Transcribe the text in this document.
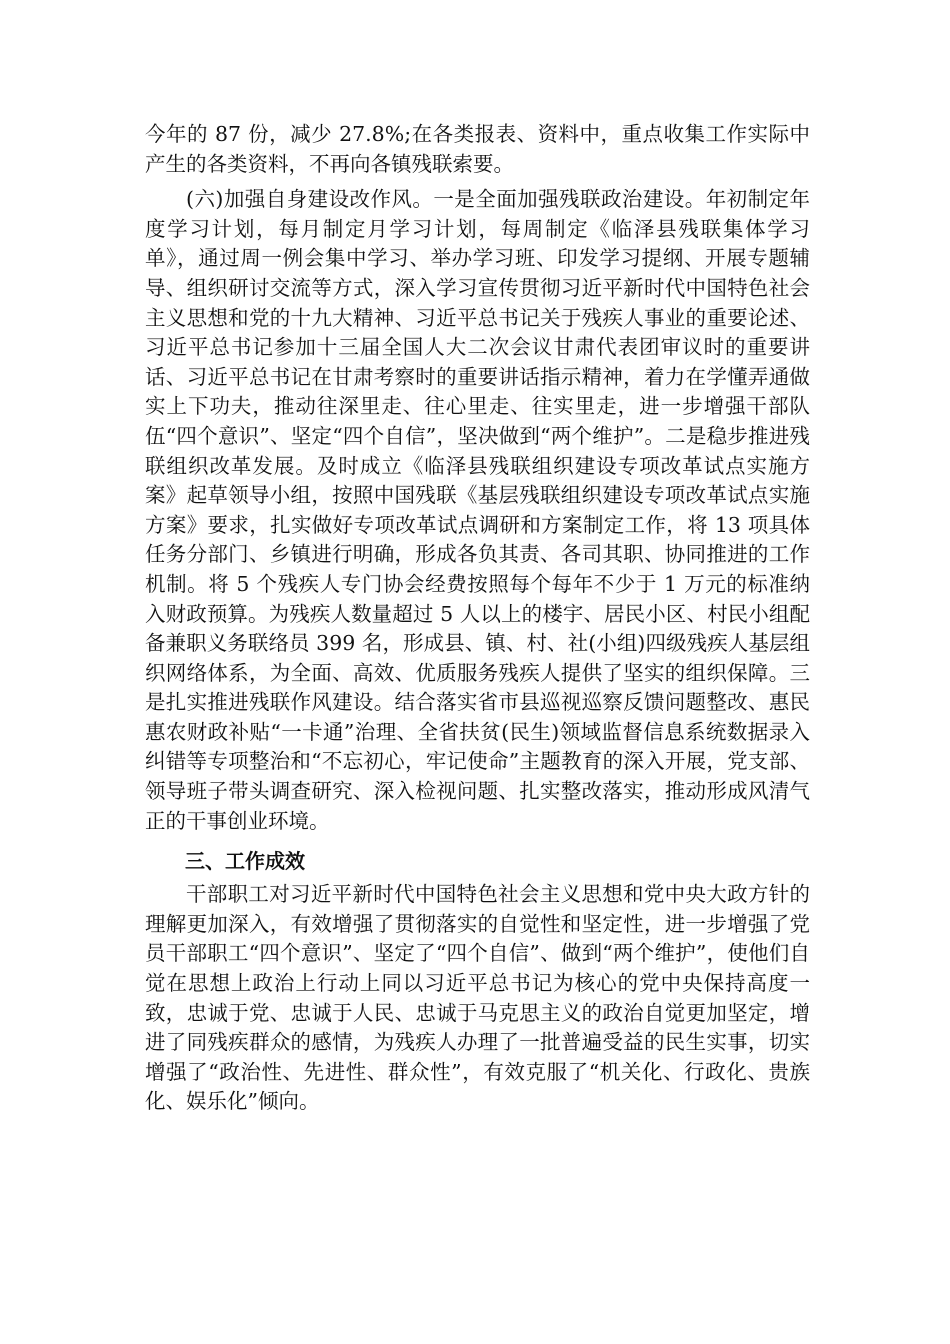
今年的 87 份，减少 27.8%;在各类报表、资料中，重点收集工作实际中产生的各类资料，不再向各镇残联索要。

(六)加强自身建设改作风。一是全面加强残联政治建设。年初制定年度学习计划，每月制定月学习计划，每周制定《临泽县残联集体学习单》，通过周一例会集中学习、举办学习班、印发学习提纲、开展专题辅导、组织研讨交流等方式，深入学习宣传贯彻习近平新时代中国特色社会主义思想和党的十九大精神、习近平总书记关于残疾人事业的重要论述、习近平总书记参加十三届全国人大二次会议甘肃代表团审议时的重要讲话、习近平总书记在甘肃考察时的重要讲话指示精神，着力在学懂弄通做实上下功夫，推动往深里走、往心里走、往实里走，进一步增强干部队伍“四个意识”、坚定“四个自信”，坚决做到“两个维护”。二是稳步推进残联组织改革发展。及时成立《临泽县残联组织建设专项改革试点实施方案》起草领导小组，按照中国残联《基层残联组织建设专项改革试点实施方案》要求，扎实做好专项改革试点调研和方案制定工作，将 13 项具体任务分部门、乡镇进行明确，形成各负其责、各司其职、协同推进的工作机制。将 5 个残疾人专门协会经费按照每个每年不少于 1 万元的标准纳入财政预算。为残疾人数量超过 5 人以上的楼宇、居民小区、村民小组配备兼职义务联络员 399 名，形成县、镇、村、社(小组)四级残疾人基层组织网络体系，为全面、高效、优质服务残疾人提供了坚实的组织保障。三是扎实推进残联作风建设。结合落实省市县巡视巡察反馈问题整改、惠民惠农财政补贴“一卡通”治理、全省扶贫(民生)领域监督信息系统数据录入纠错等专项整治和“不忘初心，牢记使命”主题教育的深入开展，党支部、领导班子带头调查研究、深入检视问题、扎实整改落实，推动形成风清气正的干事创业环境。

三、工作成效

干部职工对习近平新时代中国特色社会主义思想和党中央大政方针的理解更加深入，有效增强了贯彻落实的自觉性和坚定性，进一步增强了党员干部职工“四个意识”、坚定了“四个自信”、做到“两个维护”，使他们自觉在思想上政治上行动上同以习近平总书记为核心的党中央保持高度一致，忠诚于党、忠诚于人民、忠诚于马克思主义的政治自觉更加坚定，增进了同残疾群众的感情，为残疾人办理了一批普遍受益的民生实事，切实增强了“政治性、先进性、群众性”，有效克服了“机关化、行政化、贵族化、娱乐化”倾向。
